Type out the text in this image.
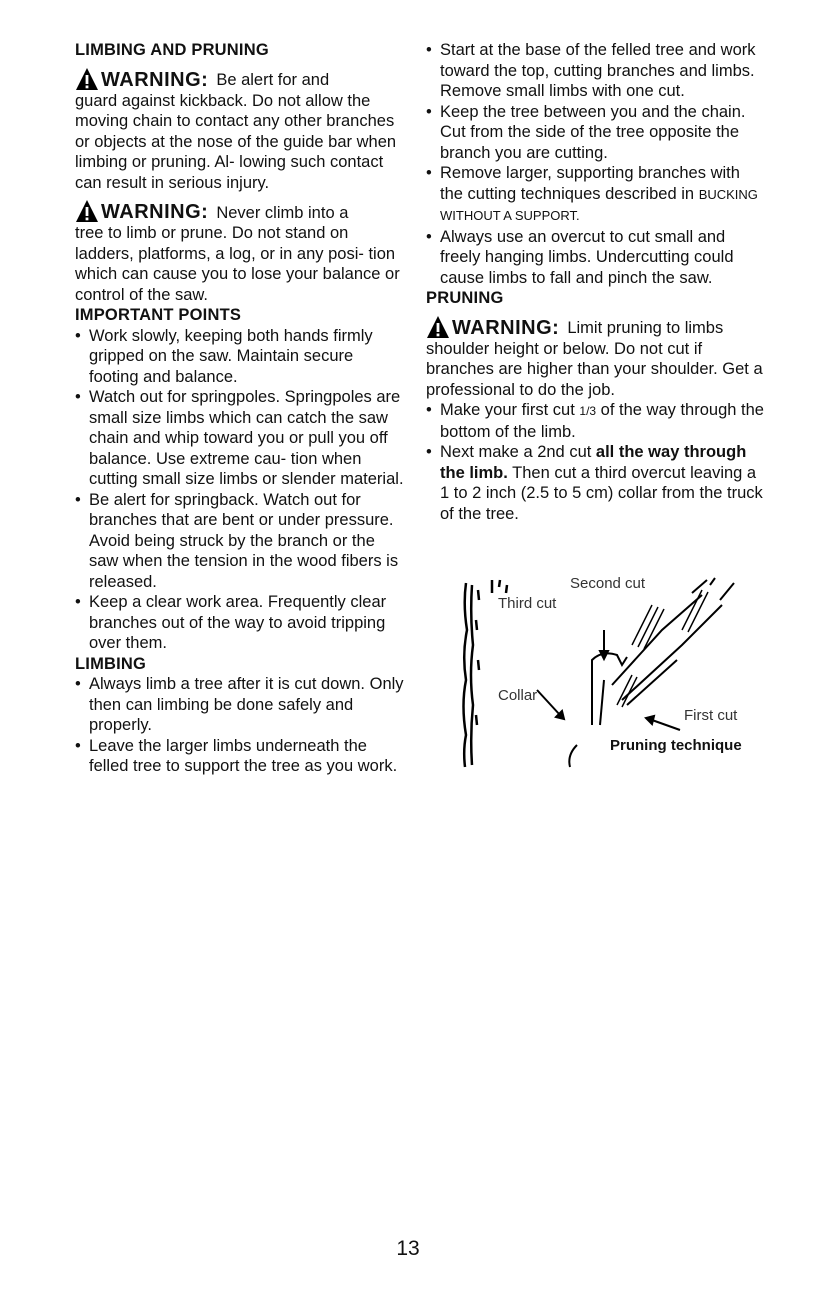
LIMBING AND PRUNING

WARNING: Be alert for and

guard against kickback. Do not allow the moving chain to contact any other branches or objects at the nose of the guide bar when limbing or pruning. Al- lowing such contact can result in serious injury.

WARNING: Never climb into a

tree to limb or prune. Do not stand on ladders, platforms, a log, or in any posi- tion which can cause you to lose your balance or control of the saw.

IMPORTANT POINTS

• Work slowly, keeping both hands firmly gripped on the saw. Maintain secure footing and balance.
• Watch out for springpoles. Springpoles are small size limbs which can catch the saw chain and whip toward you or pull you off balance. Use extreme cau- tion when cutting small size limbs or slender material.
• Be alert for springback. Watch out for branches that are bent or under pressure. Avoid being struck by the branch or the saw when the tension in the wood fibers is released.
• Keep a clear work area. Frequently clear branches out of the way to avoid tripping over them.

LIMBING

• Always limb a tree after it is cut down. Only then can limbing be done safely and properly.
• Leave the larger limbs underneath the felled tree to support the tree as you work.
• Start at the base of the felled tree and work toward the top, cutting branches and limbs. Remove small limbs with one cut.
• Keep the tree between you and the chain. Cut from the side of the tree opposite the branch you are cutting.
• Remove larger, supporting branches with the cutting techniques described in BUCKING WITHOUT A SUPPORT.
• Always use an overcut to cut small and freely hanging limbs. Undercutting could cause limbs to fall and pinch the saw.

PRUNING

WARNING: Limit pruning to limbs

shoulder height or below. Do not cut if branches are higher than your shoulder. Get a professional to do the job.

• Make your first cut 1/3 of the way through the bottom of the limb.
• Next make a 2nd cut all the way through the limb. Then cut a third overcut leaving a 1 to 2 inch (2.5 to 5 cm) collar from the truck of the tree.
Second cut
Third cut
Collar
First cut
Pruning technique
13
